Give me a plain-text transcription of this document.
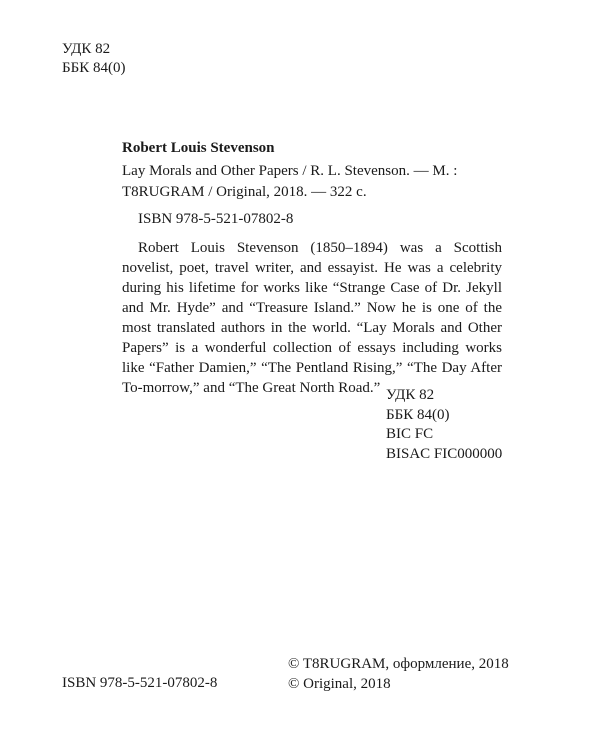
УДК 82
ББК 84(0)
Robert Louis Stevenson
Lay Morals and Other Papers / R. L. Stevenson. — M. :
T8RUGRAM / Original, 2018. — 322 c.
ISBN 978-5-521-07802-8
Robert Louis Stevenson (1850–1894) was a Scottish novelist, poet, travel writer, and essayist. He was a celebrity during his lifetime for works like “Strange Case of Dr. Jekyll and Mr. Hyde” and “Treasure Island.” Now he is one of the most translated authors in the world. “Lay Morals and Other Papers” is a wonderful collection of essays including works like “Father Damien,” “The Pentland Rising,” “The Day After To-morrow,” and “The Great North Road.” УДК 82
ББК 84(0)
BIC FC
BISAC FIC000000
© T8RUGRAM, оформление, 2018
© Original, 2018
ISBN 978-5-521-07802-8
